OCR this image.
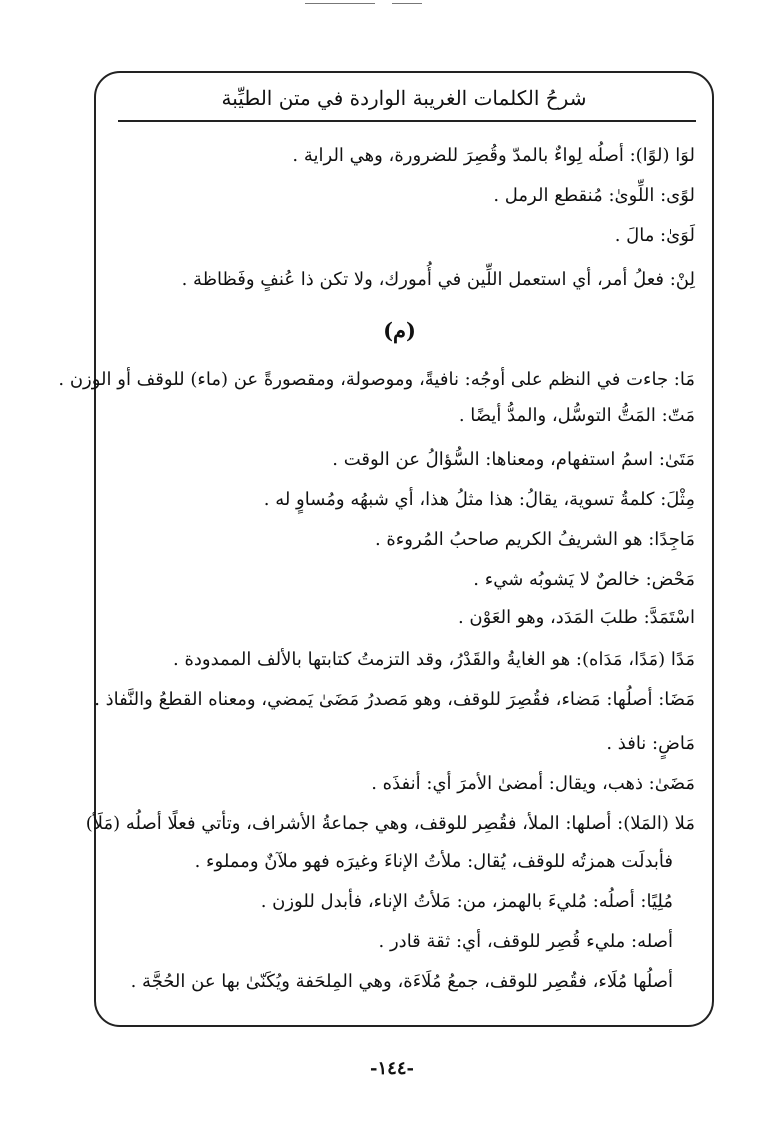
شرحُ الكلمات الغريبة الواردة في متن الطيِّبة
لوَا (لوًا): أصلُه لِواءٌ بالمدّ وقُصِرَ للضرورة، وهي الراية .
لوًى: اللِّوىٰ: مُنقطع الرمل .
لَوَىٰ: مالَ .
لِنْ: فعلُ أمر، أي استعمل اللِّين في أُمورك، ولا تكن ذا عُنفٍ وفَظاظة .
(م)
مَا: جاءت في النظم على أوجُه: نافيةً، وموصولة، ومقصورةً عن (ماء) للوقف أو الوزن .
مَتّ: المَتُّ التوسُّل، والمدُّ أيضًا .
مَتَىٰ: اسمُ استفهام، ومعناها: السُّؤالُ عن الوقت .
مِثْلَ: كلمةُ تسوية، يقالُ: هذا مثلُ هذا، أي شبهُه ومُساوٍ له .
مَاجِدًا: هو الشريفُ الكريم صاحبُ المُروءة .
مَحْض: خالصٌ لا يَشوبُه شيء .
اسْتَمَدَّ: طلبَ المَدَد، وهو العَوْن .
مَدًا (مَدًا، مَدَاه): هو الغايةُ والقَدْرُ، وقد التزمتُ كتابتها بالألف الممدودة .
مَضَا: أصلُها: مَضاء، فقُصِرَ للوقف، وهو مَصدرُ مَضَىٰ يَمضي، ومعناه القطعُ والنَّفاذ .
مَاضٍ: نافذ .
مَضَىٰ: ذهب، ويقال: أمضىٰ الأمرَ أي: أنفذَه .
مَلا (المَلا): أصلها: الملأ، فقُصِر للوقف، وهي جماعةُ الأشراف، وتأتي فعلًا أصلُه (مَلَأ)
فأبدلَت همزتُه للوقف، يُقال: ملأتُ الإناءَ وغيرَه فهو ملآنٌ ومملوء .
مُلِيًا: أصلُه: مُليءَ بالهمز، من: مَلأتُ الإناء، فأبدل للوزن .
أصله: مليء قُصِر للوقف، أي: ثقة قادر .
أصلُها مُلَاء، فقُصِر للوقف، جمعُ مُلَاءَة، وهي المِلحَفة ويُكَنّىٰ بها عن الحُجَّة .
-١٤٤-
